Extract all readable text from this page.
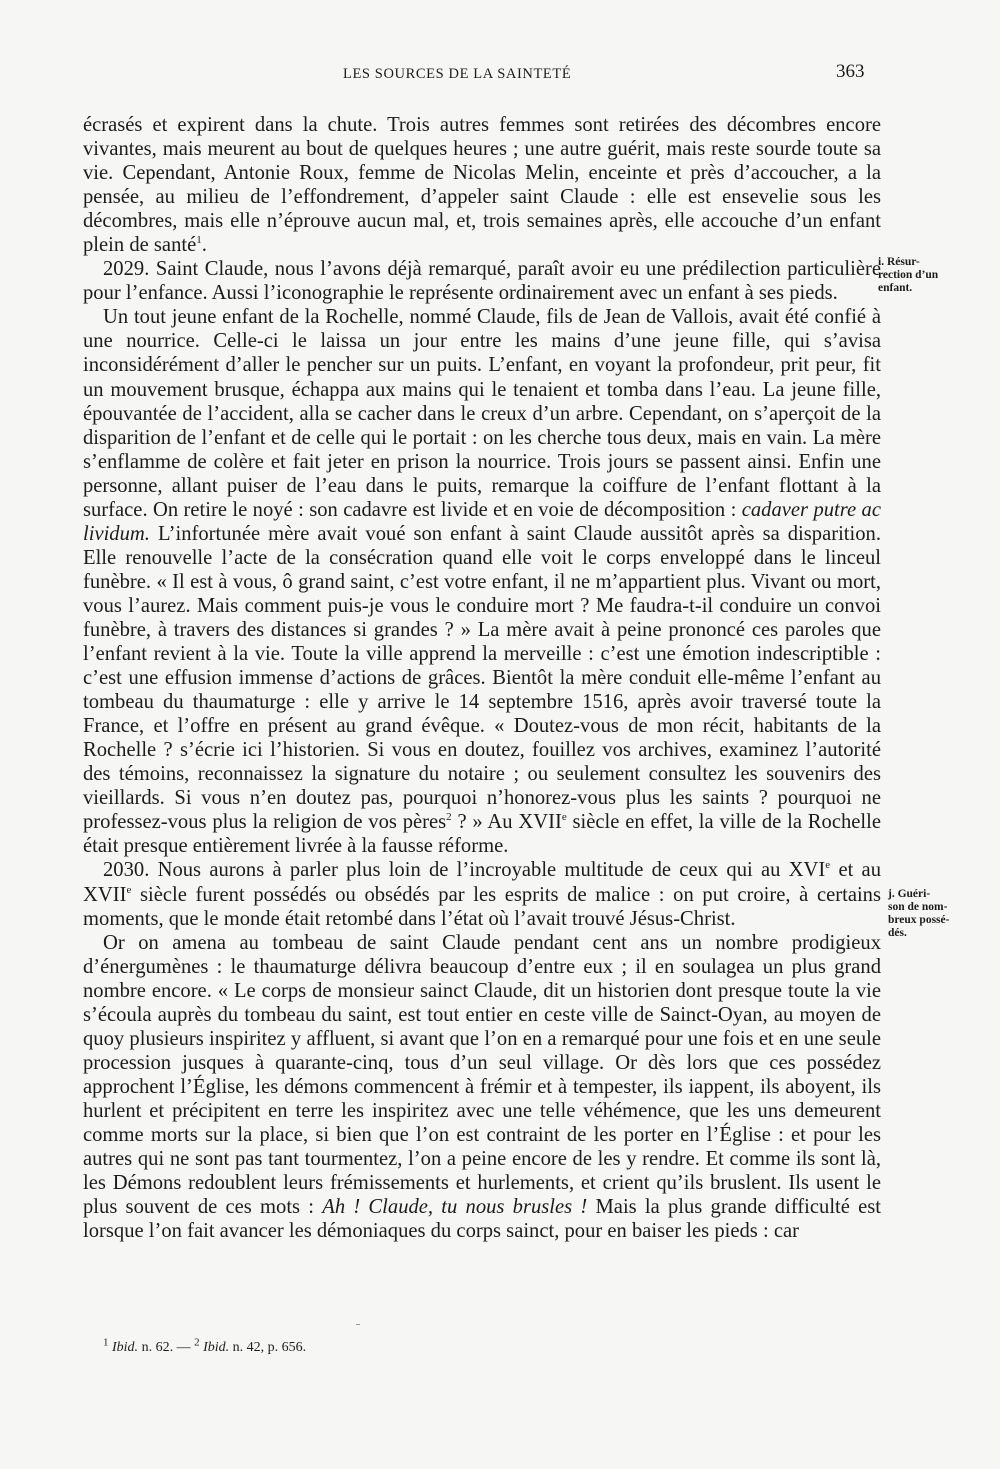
LES SOURCES DE LA SAINTETÉ	363

écrasés et expirent dans la chute. Trois autres femmes sont retirées des décombres encore vivantes, mais meurent au bout de quelques heures ; une autre guérit, mais reste sourde toute sa vie. Cependant, Antonie Roux, femme de Nicolas Melin, enceinte et près d’accoucher, a la pensée, au milieu de l’effondrement, d’appeler saint Claude : elle est ensevelie sous les décombres, mais elle n’éprouve aucun mal, et, trois semaines après, elle accouche d’un enfant plein de santé$^1$.

2029. Saint Claude, nous l’avons déjà remarqué, paraît avoir eu une prédilection particulière pour l’enfance. Aussi l’iconographie le représente ordinairement avec un enfant à ses pieds.

Un tout jeune enfant de la Rochelle, nommé Claude, fils de Jean de Vallois, avait été confié à une nourrice. Celle-ci le laissa un jour entre les mains d’une jeune fille, qui s’avisa inconsidérément d’aller le pencher sur un puits. L’enfant, en voyant la profondeur, prit peur, fit un mouvement brusque, échappa aux mains qui le tenaient et tomba dans l’eau. La jeune fille, épouvantée de l’accident, alla se cacher dans le creux d’un arbre. Cependant, on s’aperçoit de la disparition de l’enfant et de celle qui le portait : on les cherche tous deux, mais en vain. La mère s’enflamme de colère et fait jeter en prison la nourrice. Trois jours se passent ainsi. Enfin une personne, allant puiser de l’eau dans le puits, remarque la coiffure de l’enfant flottant à la surface. On retire le noyé : son cadavre est livide et en voie de décomposition : cadaver putre ac lividum. L’infortunée mère avait voué son enfant à saint Claude aussitôt après sa disparition. Elle renouvelle l’acte de la consécration quand elle voit le corps enveloppé dans le linceul funèbre. « Il est à vous, ô grand saint, c’est votre enfant, il ne m’appartient plus. Vivant ou mort, vous l’aurez. Mais comment puis-je vous le conduire mort ? Me faudra-t-il conduire un convoi funèbre, à travers des distances si grandes ? » La mère avait à peine prononcé ces paroles que l’enfant revient à la vie. Toute la ville apprend la merveille : c’est une émotion indescriptible : c’est une effusion immense d’actions de grâces. Bientôt la mère conduit elle-même l’enfant au tombeau du thaumaturge : elle y arrive le 14 septembre 1516, après avoir traversé toute la France, et l’offre en présent au grand évêque. « Doutez-vous de mon récit, habitants de la Rochelle ? s’écrie ici l’historien. Si vous en doutez, fouillez vos archives, examinez l’autorité des témoins, reconnaissez la signature du notaire ; ou seulement consultez les souvenirs des vieillards. Si vous n’en doutez pas, pourquoi n’honorez-vous plus les saints ? pourquoi ne professez-vous plus la religion de vos pères$^2$ ? » Au XVIIe siècle en effet, la ville de la Rochelle était presque entièrement livrée à la fausse réforme.

2030. Nous aurons à parler plus loin de l’incroyable multitude de ceux qui au XVIe et au XVIIe siècle furent possédés ou obsédés par les esprits de malice : on put croire, à certains moments, que le monde était retombé dans l’état où l’avait trouvé Jésus-Christ.

Or on amena au tombeau de saint Claude pendant cent ans un nombre prodigieux d’énergumènes : le thaumaturge délivra beaucoup d’entre eux ; il en soulagea un plus grand nombre encore. « Le corps de monsieur sainct Claude, dit un historien dont presque toute la vie s’écoula auprès du tombeau du saint, est tout entier en ceste ville de Sainct-Oyan, au moyen de quoy plusieurs inspiritez y affluent, si avant que l’on en a remarqué pour une fois et en une seule procession jusques à quarante-cinq, tous d’un seul village. Or dès lors que ces possédez approchent l’Église, les démons commencent à frémir et à tempester, ils iappent, ils aboyent, ils hurlent et précipitent en terre les inspiritez avec une telle véhémence, que les uns demeurent comme morts sur la place, si bien que l’on est contraint de les porter en l’Église : et pour les autres qui ne sont pas tant tourmentez, l’on a peine encore de les y rendre. Et comme ils sont là, les Démons redoublent leurs frémissements et hurlements, et crient qu’ils bruslent. Ils usent le plus souvent de ces mots : Ah ! Claude, tu nous brusles ! Mais la plus grande difficulté est lorsque l’on fait avancer les démoniaques du corps sainct, pour en baiser les pieds : car

i. Résur-
rection d’un
enfant.
j. Guéri-
son de nom-
breux possé-
dés.
$^1$ Ibid. n. 62. — $^2$ Ibid. n. 42, p. 656.
